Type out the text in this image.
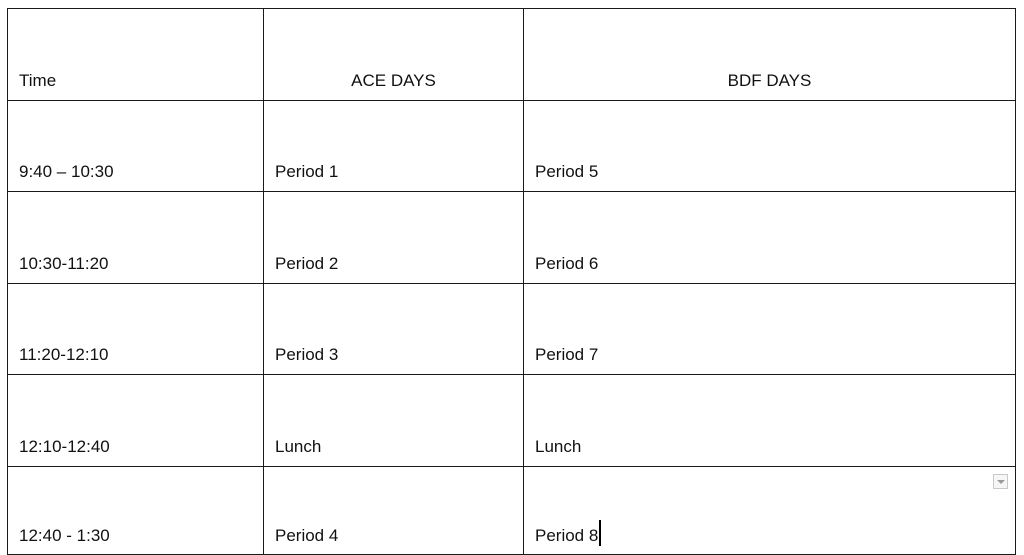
Time	ACE DAYS	BDF DAYS
9:40 – 10:30	Period 1	Period 5
10:30-11:20	Period 2	Period 6
11:20-12:10	Period 3	Period 7
12:10-12:40	Lunch	Lunch
12:40 - 1:30	Period 4	Period 8
